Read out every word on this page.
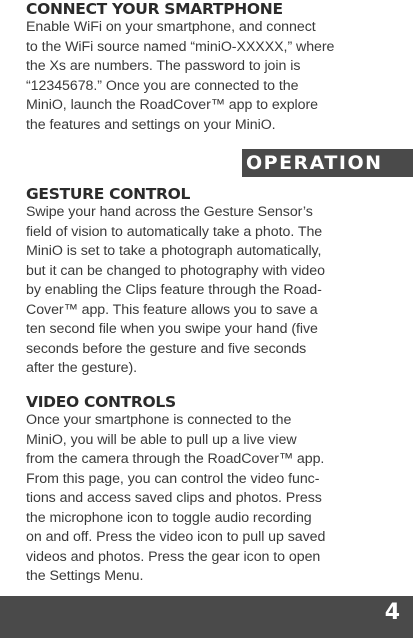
CONNECT YOUR SMARTPHONE
Enable WiFi on your smartphone, and connect
to the WiFi source named “miniO-XXXXX,” where
the Xs are numbers. The password to join is
“12345678.” Once you are connected to the
MiniO, launch the RoadCover™ app to explore
the features and settings on your MiniO.
OPERATION
GESTURE CONTROL
Swipe your hand across the Gesture Sensor’s
field of vision to automatically take a photo. The
MiniO is set to take a photograph automatically,
but it can be changed to photography with video
by enabling the Clips feature through the Road-
Cover™ app. This feature allows you to save a
ten second file when you swipe your hand (five
seconds before the gesture and five seconds
after the gesture).
VIDEO CONTROLS
Once your smartphone is connected to the
MiniO, you will be able to pull up a live view
from the camera through the RoadCover™ app.
From this page, you can control the video func-
tions and access saved clips and photos. Press
the microphone icon to toggle audio recording
on and off. Press the video icon to pull up saved
videos and photos. Press the gear icon to open
the Settings Menu.
4
